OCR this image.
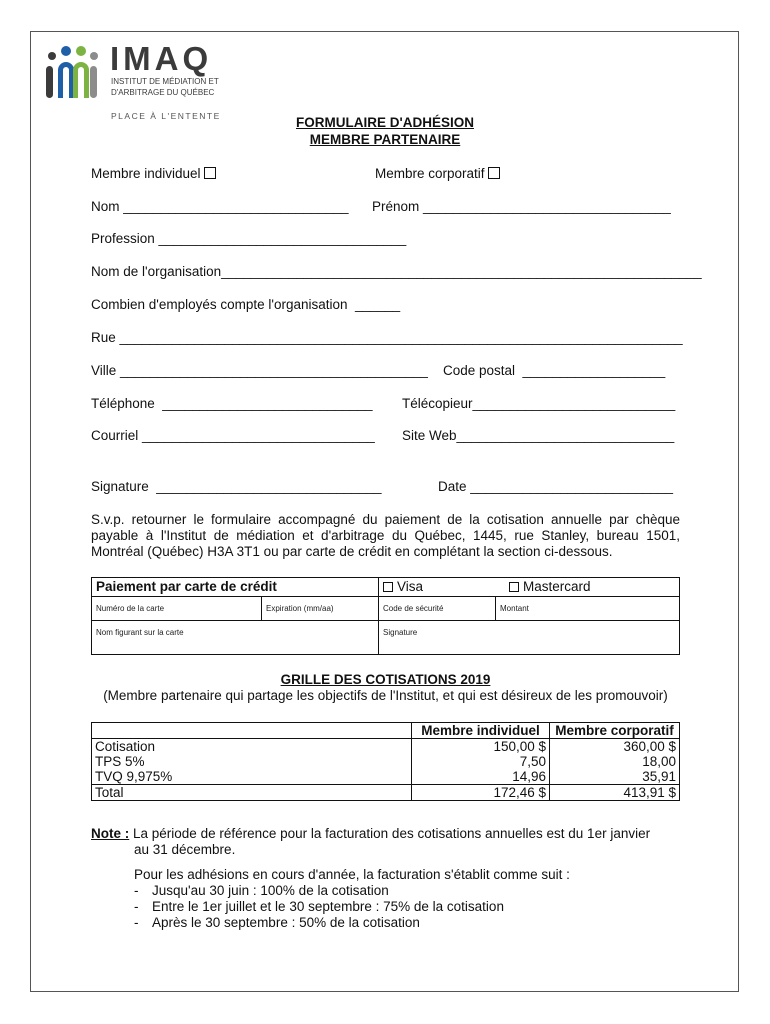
IMAQ
INSTITUT DE MÉDIATION ET
D'ARBITRAGE DU QUÉBEC
PLACE À L'ENTENTE	FORMULAIRE D'ADHÉSION
MEMBRE PARTENAIRE
Membre individuel	Membre corporatif
Nom ______________________________ Prénom _________________________________
Profession _________________________________
Nom de l'organisation________________________________________________________________
Combien d'employés compte l'organisation  ______
Rue ___________________________________________________________________________
Ville _________________________________________ Code postal  ___________________
Téléphone  ____________________________ Télécopieur___________________________
Courriel _______________________________ Site Web_____________________________
Signature  ______________________________	Date ___________________________
S.v.p. retourner le formulaire accompagné du paiement de la cotisation annuelle par chèque payable à l'Institut de médiation et d'arbitrage du Québec, 1445, rue Stanley, bureau 1501, Montréal (Québec) H3A 3T1 ou par carte de crédit en complétant la section ci-dessous.
Paiement par carte de crédit		Visa Mastercard	
Numéro de la carte	Expiration (mm/aa)	Code de sécurité	Montant
Nom figurant sur la carte		Signature	
GRILLE DES COTISATIONS 2019
(Membre partenaire qui partage les objectifs de l'Institut, et qui est désireux de les promouvoir)
	Membre individuel	Membre corporatif
Cotisation	150,00 $	360,00 $
TPS 5%	7,50	18,00
TVQ 9,975%	14,96	35,91
Total	172,46 $	413,91 $
Note : La période de référence pour la facturation des cotisations annuelles est du 1er janvier
au 31 décembre.
Pour les adhésions en cours d'année, la facturation s'établit comme suit :
- Jusqu'au 30 juin : 100% de la cotisation
- Entre le 1er juillet et le 30 septembre : 75% de la cotisation
- Après le 30 septembre : 50% de la cotisation
